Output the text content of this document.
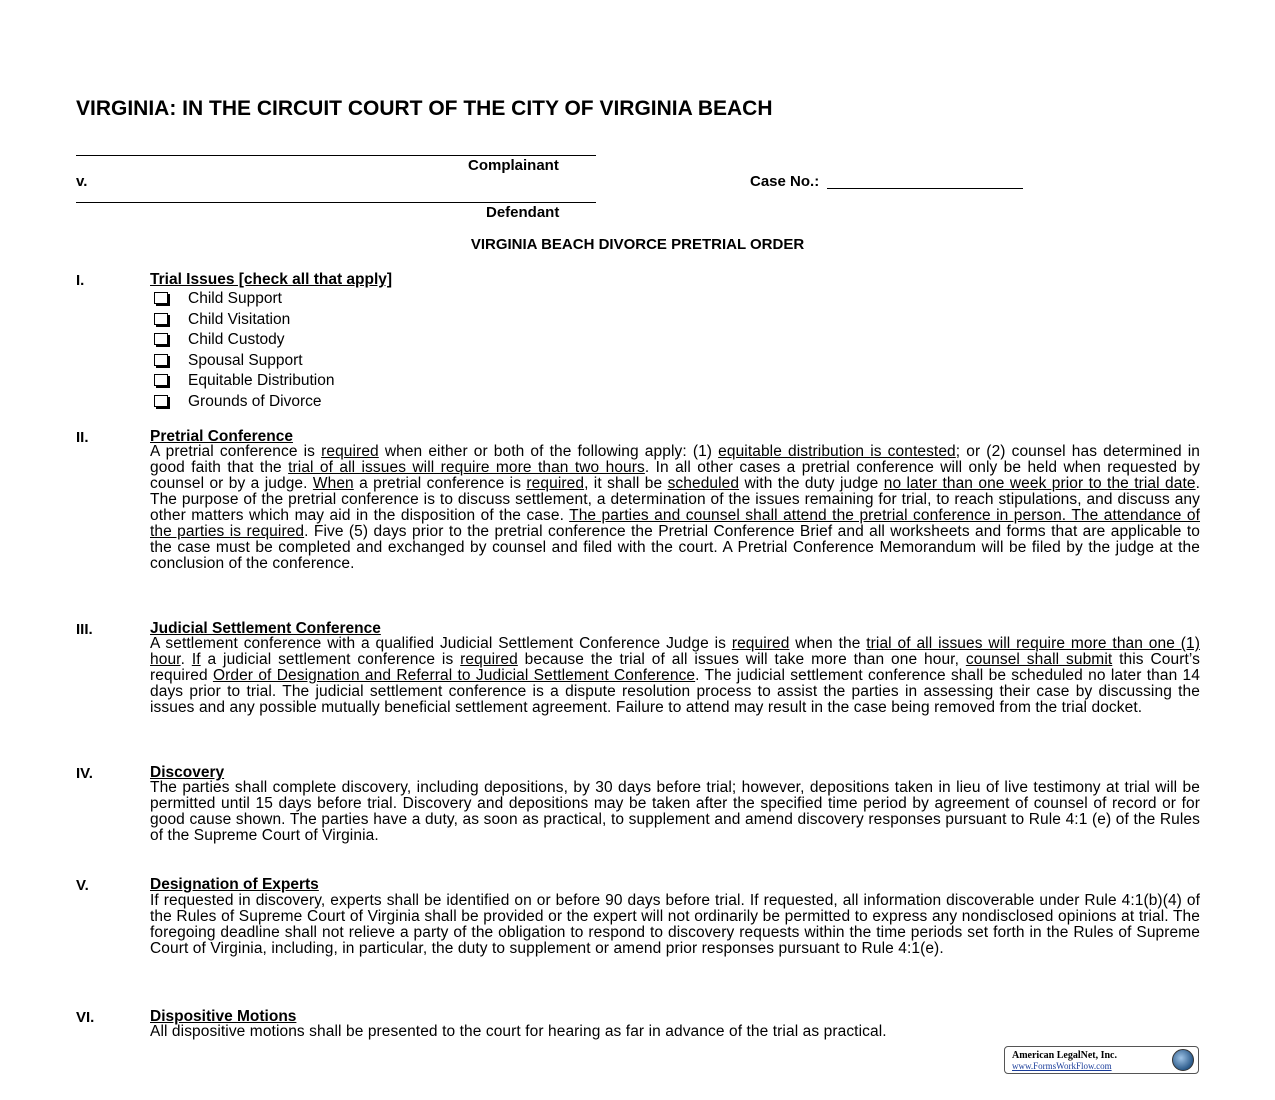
VIRGINIA: IN THE CIRCUIT COURT OF THE CITY OF VIRGINIA BEACH
Complainant
v.	Case No.:
Defendant
VIRGINIA BEACH DIVORCE PRETRIAL ORDER
I.	Trial Issues [check all that apply]
Child Support
Child Visitation
Child Custody
Spousal Support
Equitable Distribution
Grounds of Divorce
II.	Pretrial Conference
A pretrial conference is required when either or both of the following apply: (1) equitable distribution is contested; or (2) counsel has determined in good faith that the trial of all issues will require more than two hours. In all other cases a pretrial conference will only be held when requested by counsel or by a judge. When a pretrial conference is required, it shall be scheduled with the duty judge no later than one week prior to the trial date. The purpose of the pretrial conference is to discuss settlement, a determination of the issues remaining for trial, to reach stipulations, and discuss any other matters which may aid in the disposition of the case. The parties and counsel shall attend the pretrial conference in person. The attendance of the parties is required. Five (5) days prior to the pretrial conference the Pretrial Conference Brief and all worksheets and forms that are applicable to the case must be completed and exchanged by counsel and filed with the court. A Pretrial Conference Memorandum will be filed by the judge at the conclusion of the conference.
III.	Judicial Settlement Conference
A settlement conference with a qualified Judicial Settlement Conference Judge is required when the trial of all issues will require more than one (1) hour. If a judicial settlement conference is required because the trial of all issues will take more than one hour, counsel shall submit this Court’s required Order of Designation and Referral to Judicial Settlement Conference. The judicial settlement conference shall be scheduled no later than 14 days prior to trial. The judicial settlement conference is a dispute resolution process to assist the parties in assessing their case by discussing the issues and any possible mutually beneficial settlement agreement. Failure to attend may result in the case being removed from the trial docket.
IV.	Discovery
The parties shall complete discovery, including depositions, by 30 days before trial; however, depositions taken in lieu of live testimony at trial will be permitted until 15 days before trial. Discovery and depositions may be taken after the specified time period by agreement of counsel of record or for good cause shown. The parties have a duty, as soon as practical, to supplement and amend discovery responses pursuant to Rule 4:1 (e) of the Rules of the Supreme Court of Virginia.
V.	Designation of Experts
If requested in discovery, experts shall be identified on or before 90 days before trial. If requested, all information discoverable under Rule 4:1(b)(4) of the Rules of Supreme Court of Virginia shall be provided or the expert will not ordinarily be permitted to express any nondisclosed opinions at trial. The foregoing deadline shall not relieve a party of the obligation to respond to discovery requests within the time periods set forth in the Rules of Supreme Court of Virginia, including, in particular, the duty to supplement or amend prior responses pursuant to Rule 4:1(e).
VI.	Dispositive Motions
All dispositive motions shall be presented to the court for hearing as far in advance of the trial as practical.
American LegalNet, Inc.
www.FormsWorkFlow.com
